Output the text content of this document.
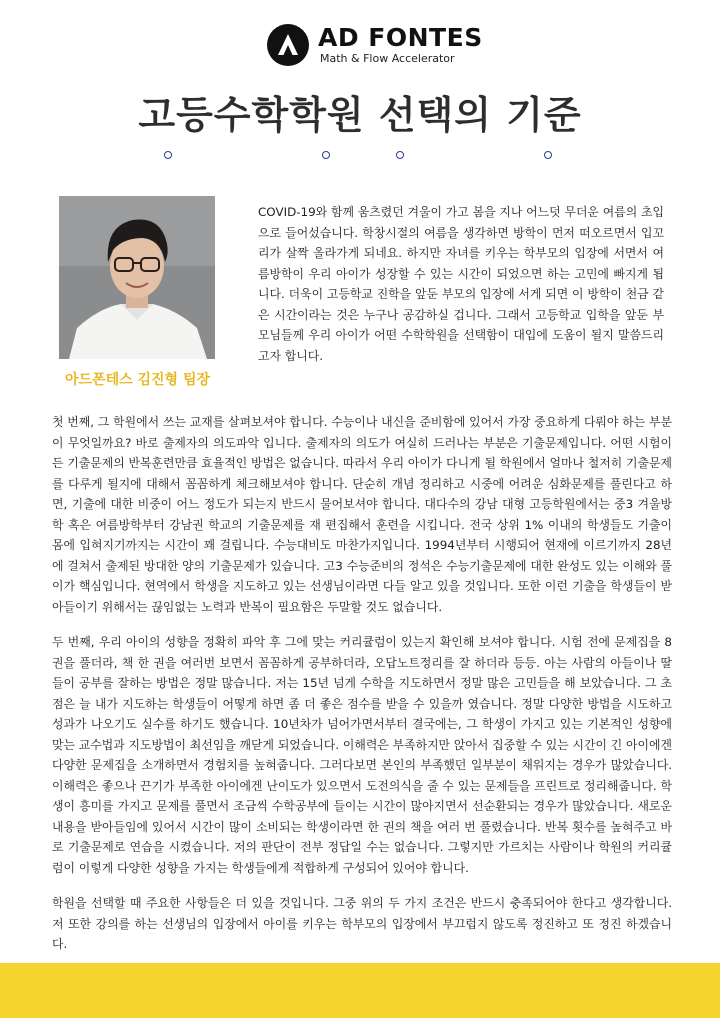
AD FONTES
Math & Flow Accelerator
고등수학학원 선택의 기준
아드폰테스 김진형 팀장
COVID-19와 함께 움츠렸던 겨울이 가고 봄을 지나 어느덧 무더운 여름의 초입으로 들어섰습니다. 학창시절의 여름을 생각하면 방학이 먼저 떠오르면서 입꼬리가 살짝 올라가게 되네요. 하지만 자녀를 키우는 학부모의 입장에 서면서 여름방학이 우리 아이가 성장할 수 있는 시간이 되었으면 하는 고민에 빠지게 됩니다. 더욱이 고등학교 진학을 앞둔 부모의 입장에 서게 되면 이 방학이 천금 같은 시간이라는 것은 누구나 공감하실 겁니다. 그래서 고등학교 입학을 앞둔 부모님들께 우리 아이가 어떤 수학학원을 선택함이 대입에 도움이 될지 말씀드리고자 합니다.
첫 번째, 그 학원에서 쓰는 교재를 살펴보셔야 합니다. 수능이나 내신을 준비함에 있어서 가장 중요하게 다뤄야 하는 부분이 무엇일까요? 바로 출제자의 의도파악 입니다. 출제자의 의도가 여실히 드러나는 부분은 기출문제입니다. 어떤 시험이든 기출문제의 반복훈련만큼 효율적인 방법은 없습니다. 따라서 우리 아이가 다니게 될 학원에서 얼마나 철저히 기출문제를 다루게 될지에 대해서 꼼꼼하게 체크해보셔야 합니다. 단순히 개념 정리하고 시중에 어려운 심화문제를 풀린다고 하면, 기출에 대한 비중이 어느 정도가 되는지 반드시 물어보셔야 합니다. 대다수의 강남 대형 고등학원에서는 중3 겨울방학 혹은 여름방학부터 강남권 학교의 기출문제를 재 편집해서 훈련을 시킵니다. 전국 상위 1% 이내의 학생들도 기출이 몸에 입혀지기까지는 시간이 꽤 걸립니다. 수능대비도 마찬가지입니다. 1994년부터 시행되어 현재에 이르기까지 28년에 걸쳐서 출제된 방대한 양의 기출문제가 있습니다. 고3 수능준비의 정석은 수능기출문제에 대한 완성도 있는 이해와 풀이가 핵심입니다. 현역에서 학생을 지도하고 있는 선생님이라면 다들 알고 있을 것입니다. 또한 이런 기출을 학생들이 받아들이기 위해서는 끊임없는 노력과 반복이 필요함은 두말할 것도 없습니다.
두 번째, 우리 아이의 성향을 정확히 파악 후 그에 맞는 커리큘럼이 있는지 확인해 보셔야 합니다. 시험 전에 문제집을 8권을 풀더라, 책 한 권을 여러번 보면서 꼼꼼하게 공부하더라, 오답노트정리를 잘 하더라 등등. 아는 사람의 아들이나 딸들이 공부를 잘하는 방법은 정말 많습니다. 저는 15년 넘게 수학을 지도하면서 정말 많은 고민들을 해 보았습니다. 그 초점은 늘 내가 지도하는 학생들이 어떻게 하면 좀 더 좋은 점수를 받을 수 있을까 였습니다. 정말 다양한 방법을 시도하고 성과가 나오기도 실수를 하기도 했습니다. 10년차가 넘어가면서부터 결국에는, 그 학생이 가지고 있는 기본적인 성향에 맞는 교수법과 지도방법이 최선임을 깨닫게 되었습니다. 이해력은 부족하지만 앉아서 집중할 수 있는 시간이 긴 아이에겐 다양한 문제집을 소개하면서 경험치를 높혀줍니다. 그러다보면 본인의 부족했던 일부분이 채워지는 경우가 많았습니다. 이해력은 좋으나 끈기가 부족한 아이에겐 난이도가 있으면서 도전의식을 줄 수 있는 문제들을 프린트로 정리해줍니다. 학생이 흥미를 가지고 문제를 풀면서 조금씩 수학공부에 들이는 시간이 많아지면서 선순환되는 경우가 많았습니다. 새로운 내용을 받아들임에 있어서 시간이 많이 소비되는 학생이라면 한 권의 책을 여러 번 풀렸습니다. 반복 횟수를 높혀주고 바로 기출문제로 연습을 시켰습니다. 저의 판단이 전부 정답일 수는 없습니다. 그렇지만 가르치는 사람이나 학원의 커리큘럼이 이렇게 다양한 성향을 가지는 학생들에게 적합하게 구성되어 있어야 합니다.
학원을 선택할 때 주요한 사항들은 더 있을 것입니다. 그중 위의 두 가지 조건은 반드시 충족되어야 한다고 생각합니다. 저 또한 강의를 하는 선생님의 입장에서 아이를 키우는 학부모의 입장에서 부끄럽지 않도록 정진하고 또 정진 하겠습니다.
